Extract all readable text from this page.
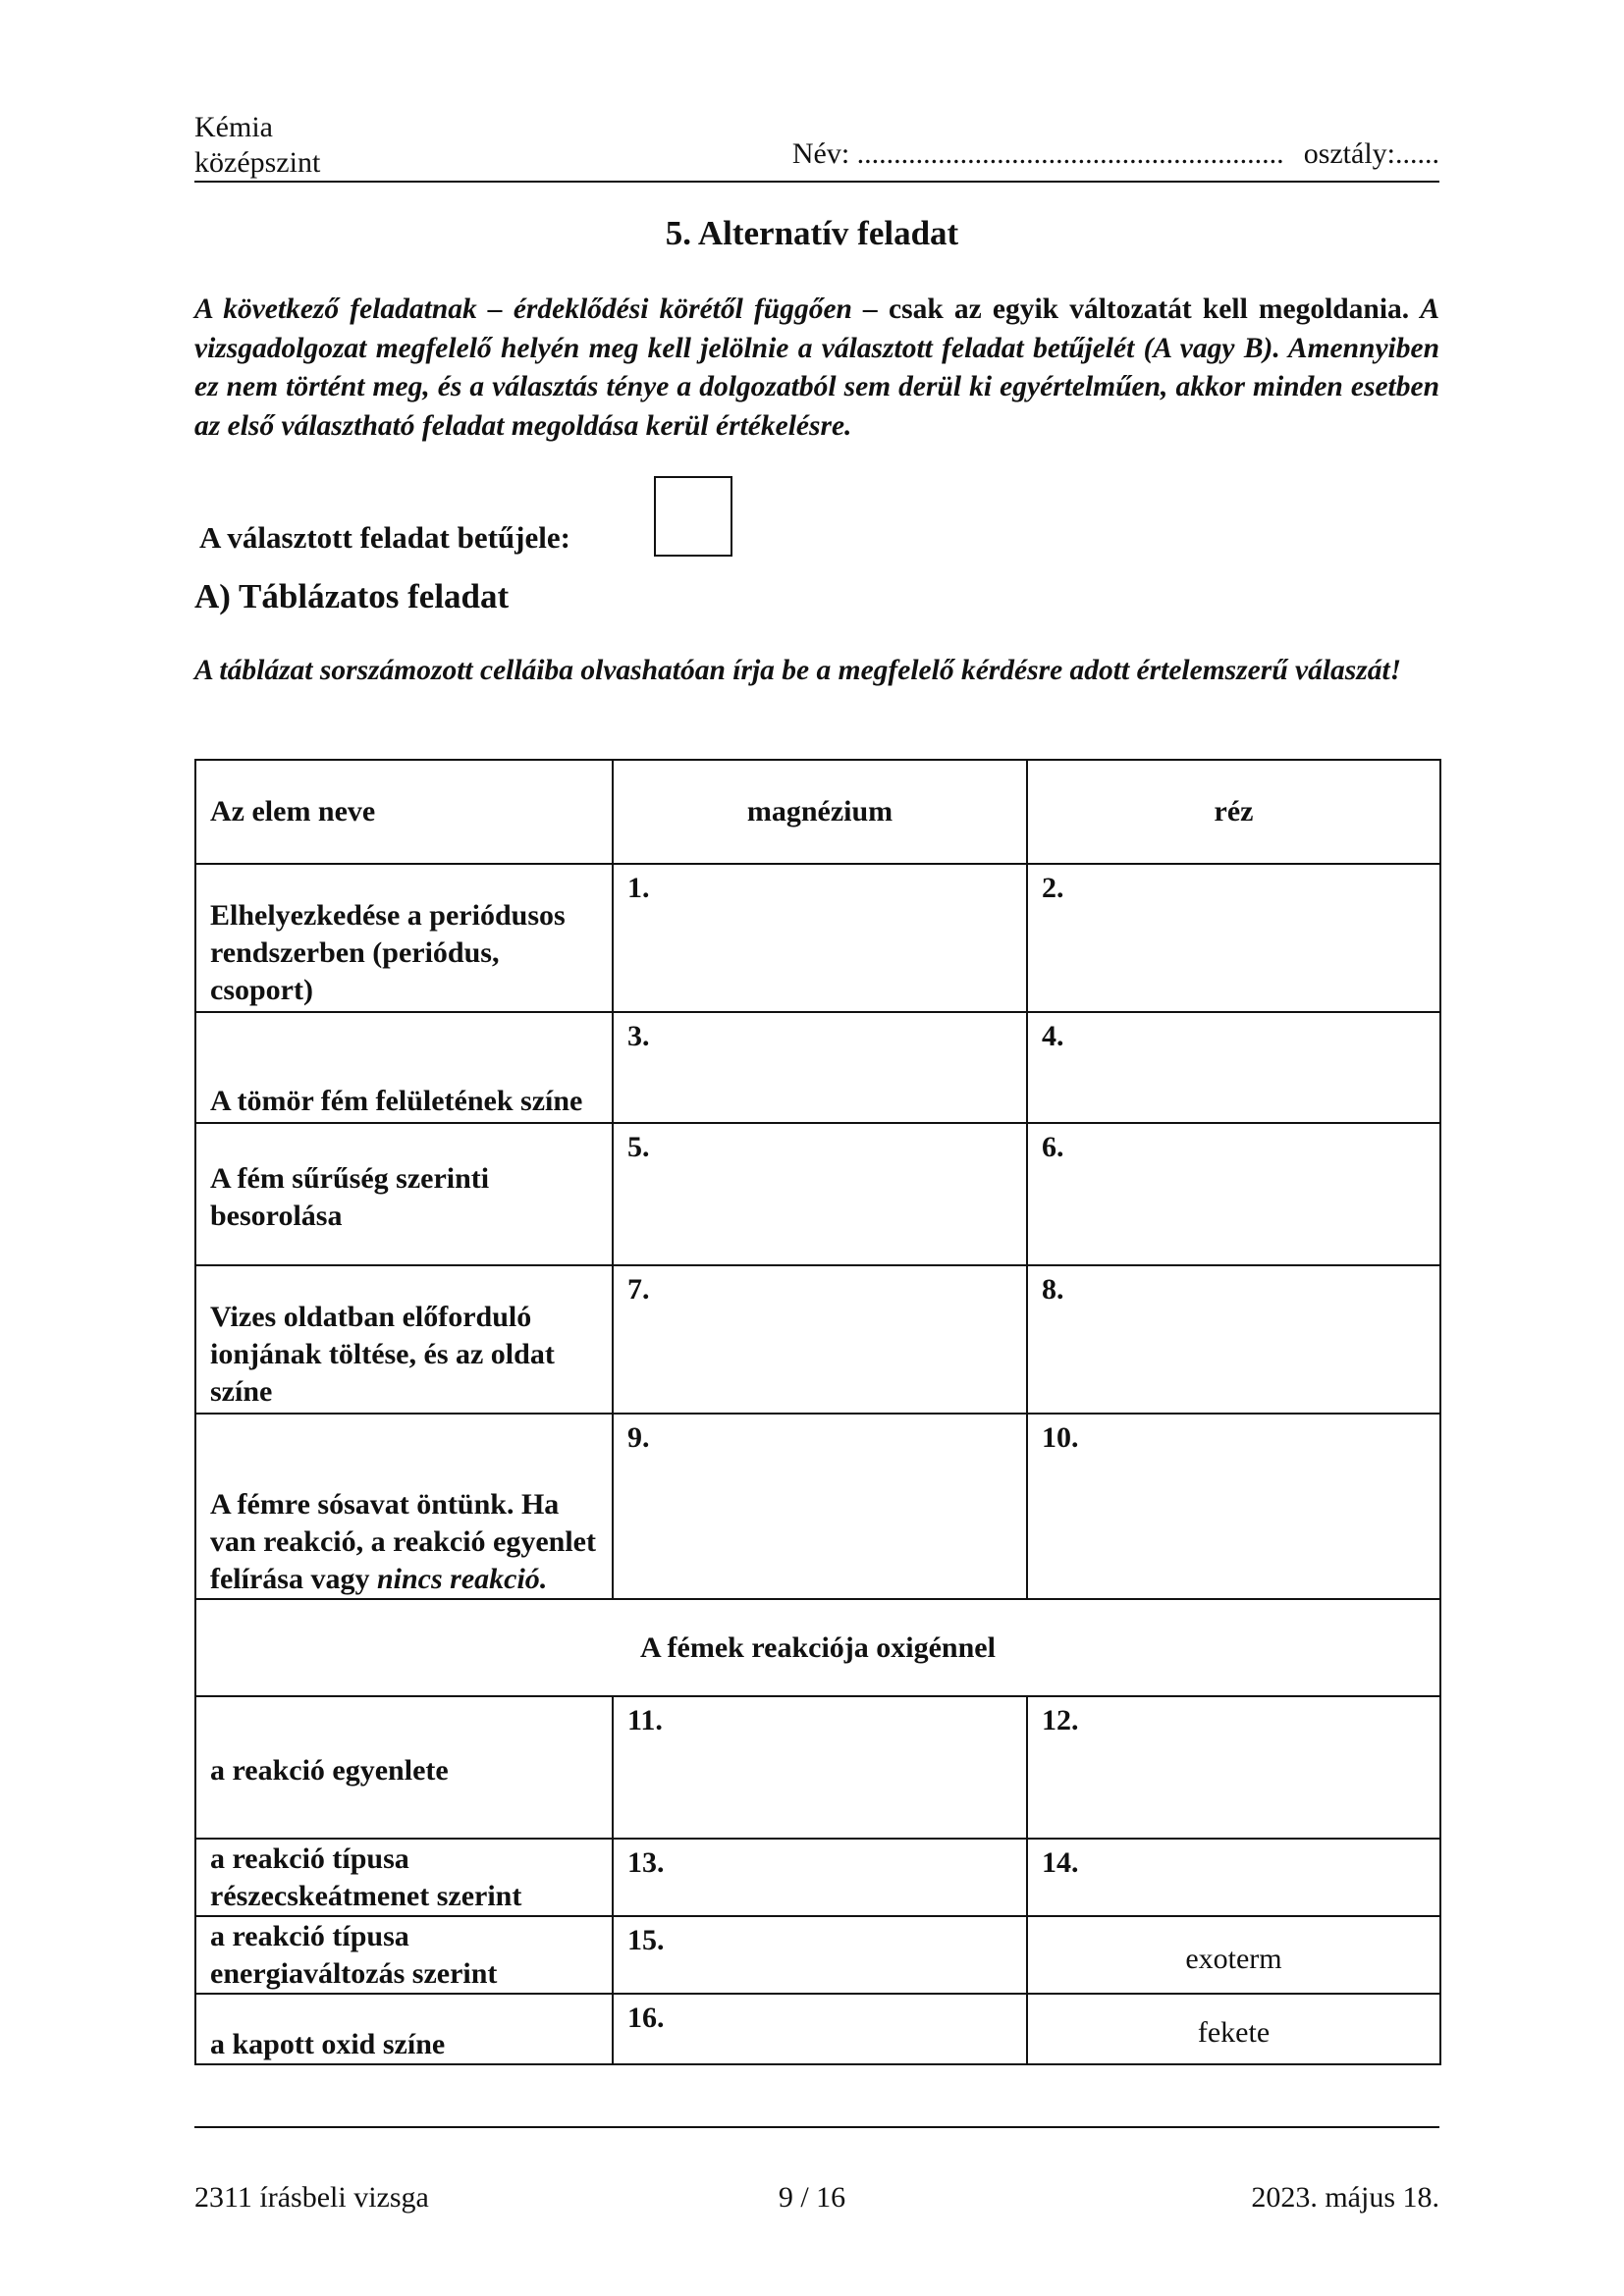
Kémia
középszint	Név: .......................................................... osztály:......
5. Alternatív feladat
A következő feladatnak – érdeklődési körétől függően – csak az egyik változatát kell megoldania. A vizsgadolgozat megfelelő helyén meg kell jelölnie a választott feladat betűjelét (A vagy B). Amennyiben ez nem történt meg, és a választás ténye a dolgozatból sem derül ki egyértelműen, akkor minden esetben az első választható feladat megoldása kerül értékelésre.
A választott feladat betűjele:
A) Táblázatos feladat
A táblázat sorszámozott celláiba olvashatóan írja be a megfelelő kérdésre adott értelemszerű válaszát!
Az elem neve	magnézium	réz
Elhelyezkedése a periódusos rendszerben (periódus, csoport)	1.	2.
A tömör fém felületének színe	3.	4.
A fém sűrűség szerinti besorolása	5.	6.
Vizes oldatban előforduló ionjának töltése, és az oldat színe	7.	8.
A fémre sósavat öntünk. Ha van reakció, a reakció egyenlet felírása vagy nincs reakció.	9.	10.
A fémek reakciója oxigénnel		
a reakció egyenlete	11.	12.
a reakció típusa részecskeátmenet szerint	13.	14.
a reakció típusa energiaváltozás szerint	15.	exoterm
a kapott oxid színe	16.	fekete
2311 írásbeli vizsga	9 / 16	2023. május 18.
